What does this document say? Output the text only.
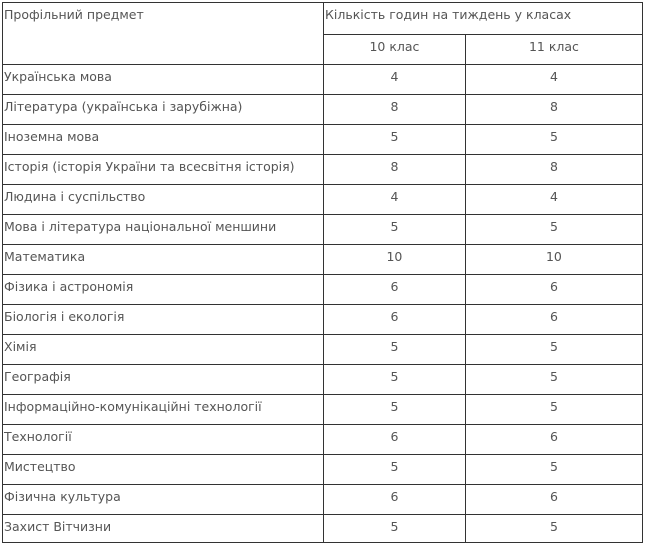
Профільний предмет	Кількість годин на тиждень у класах	
	10 клас	11 клас
Українська мова	4	4
Література (українська і зарубіжна)	8	8
Іноземна мова	5	5
Історія (історія України та всесвітня історія)	8	8
Людина і суспільство	4	4
Мова і література національної меншини	5	5
Математика	10	10
Фізика і астрономія	6	6
Біологія і екологія	6	6
Хімія	5	5
Географія	5	5
Інформаційно-комунікаційні технології	5	5
Технології	6	6
Мистецтво	5	5
Фізична культура	6	6
Захист Вітчизни	5	5
